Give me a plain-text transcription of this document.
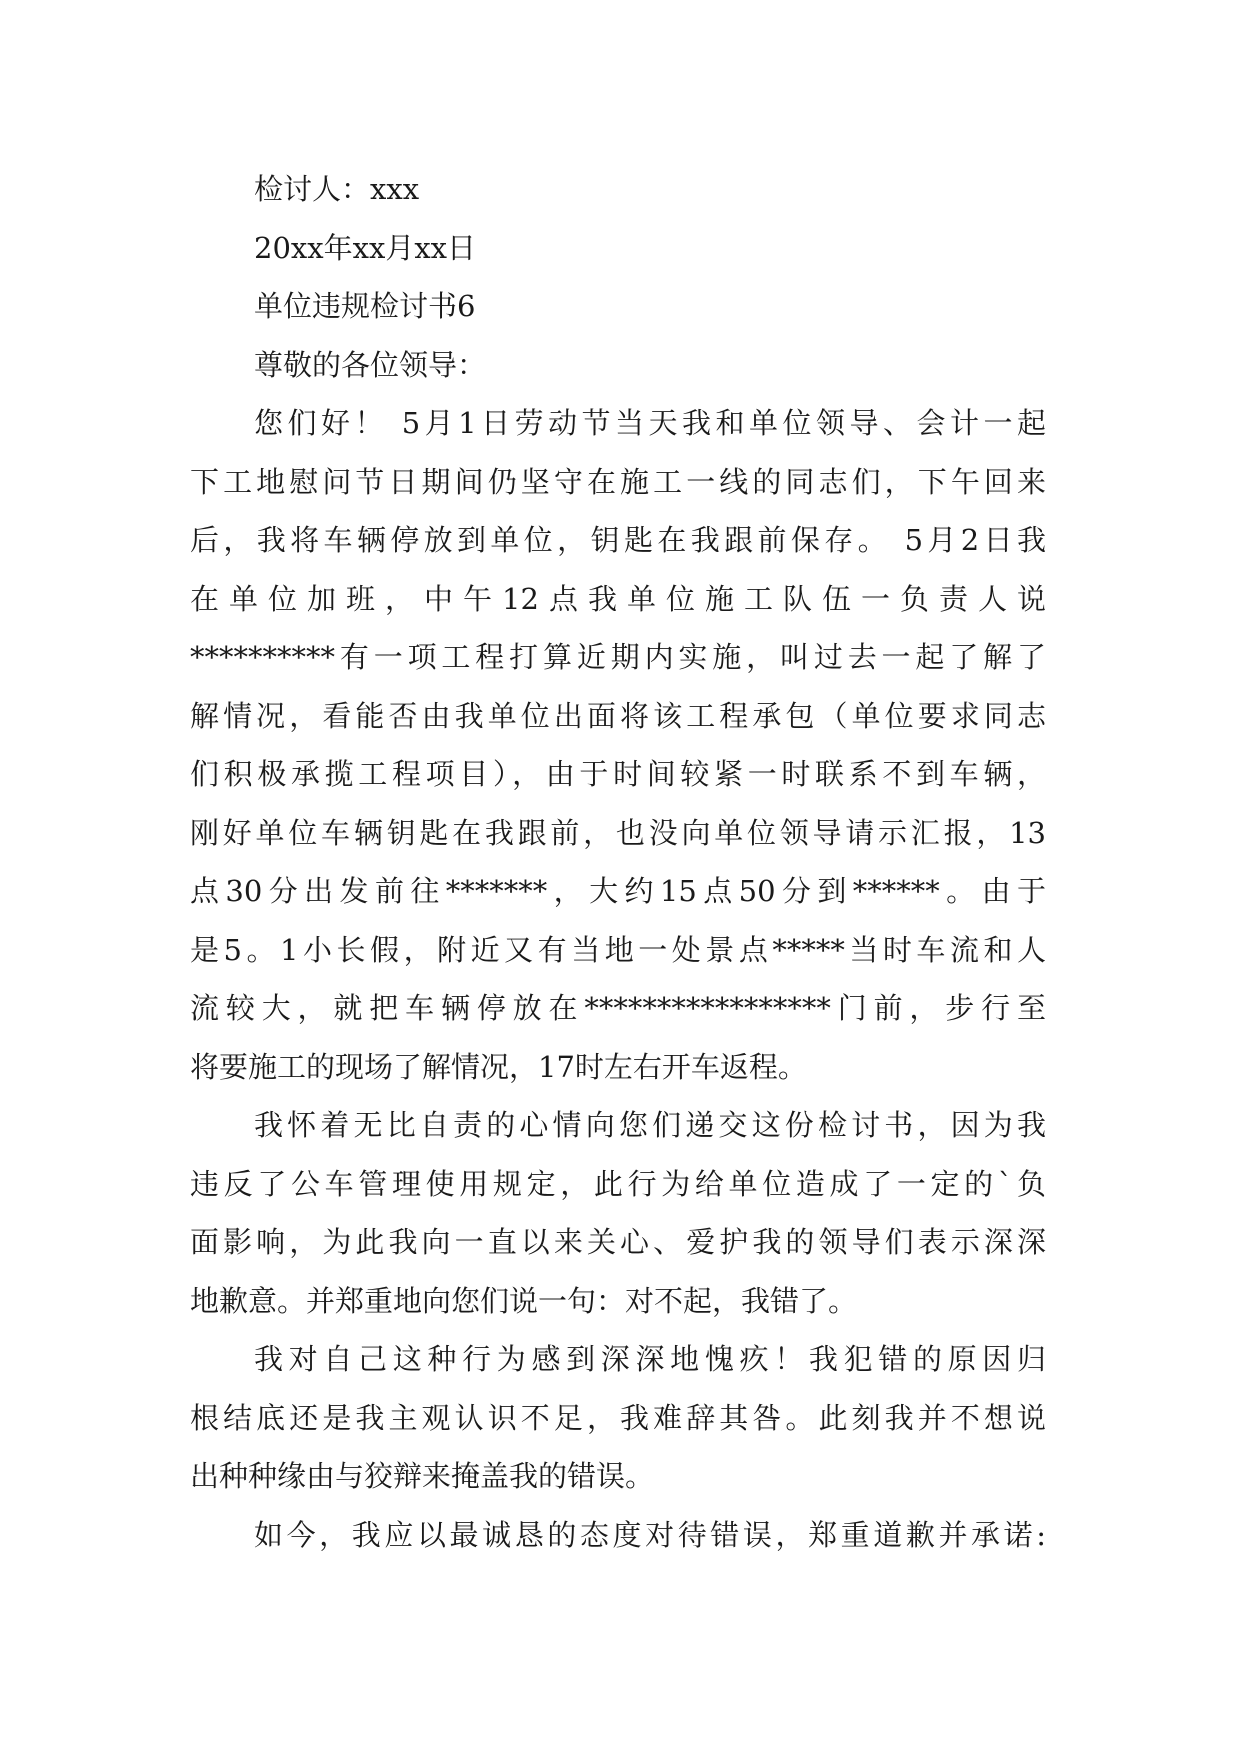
检讨人：xxx

20xx年xx月xx日

单位违规检讨书6

尊敬的各位领导：

您们好！ 5月1日劳动节当天我和单位领导、会计一起

下工地慰问节日期间仍坚守在施工一线的同志们，下午回来

后，我将车辆停放到单位，钥匙在我跟前保存。 5月2日我

在单位加班，中午12点我单位施工队伍一负责人说

**********有一项工程打算近期内实施，叫过去一起了解了

解情况，看能否由我单位出面将该工程承包（单位要求同志

们积极承揽工程项目），由于时间较紧一时联系不到车辆，

刚好单位车辆钥匙在我跟前，也没向单位领导请示汇报，13

点30分出发前往*******，大约15点50分到******。由于

是5。1小长假，附近又有当地一处景点*****当时车流和人

流较大，就把车辆停放在*****************门前，步行至

将要施工的现场了解情况，17时左右开车返程。

我怀着无比自责的心情向您们递交这份检讨书，因为我

违反了公车管理使用规定，此行为给单位造成了一定的`负

面影响，为此我向一直以来关心、爱护我的领导们表示深深

地歉意。并郑重地向您们说一句：对不起，我错了。

我对自己这种行为感到深深地愧疚！我犯错的原因归

根结底还是我主观认识不足，我难辞其咎。此刻我并不想说

出种种缘由与狡辩来掩盖我的错误。

如今，我应以最诚恳的态度对待错误，郑重道歉并承诺:
